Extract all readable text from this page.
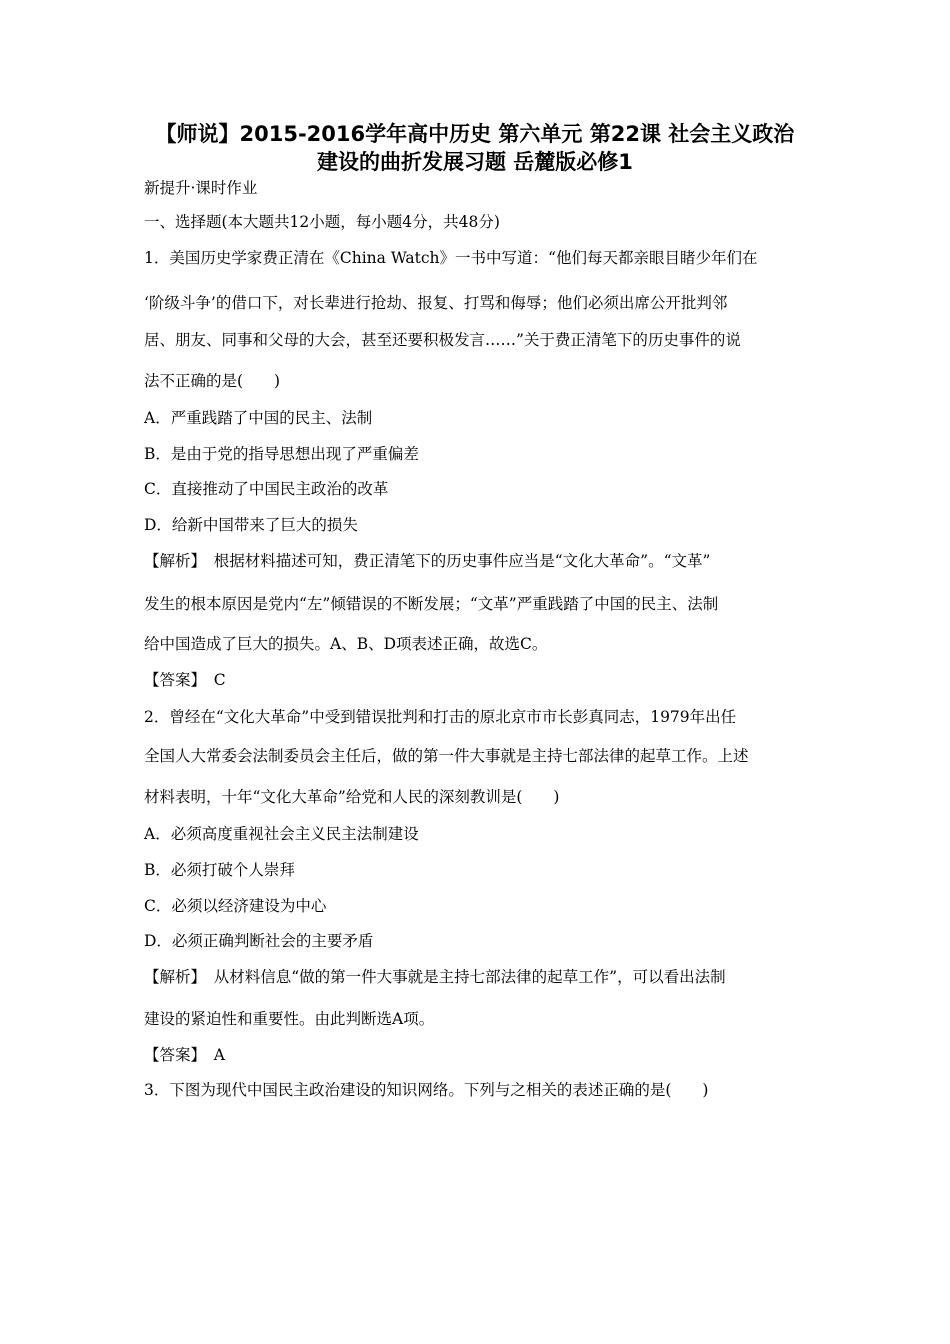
【师说】2015-2016学年高中历史 第六单元 第22课 社会主义政治
建设的曲折发展习题 岳麓版必修1
新提升·课时作业
一、选择题(本大题共12小题，每小题4分，共48分)
1．美国历史学家费正清在《China Watch》一书中写道：“他们每天都亲眼目睹少年们在
‘阶级斗争’的借口下，对长辈进行抢劫、报复、打骂和侮辱；他们必须出席公开批判邻
居、朋友、同事和父母的大会，甚至还要积极发言……”关于费正清笔下的历史事件的说
法不正确的是(　　)
A．严重践踏了中国的民主、法制
B．是由于党的指导思想出现了严重偏差
C．直接推动了中国民主政治的改革
D．给新中国带来了巨大的损失
【解析】　根据材料描述可知，费正清笔下的历史事件应当是“文化大革命”。“文革”
发生的根本原因是党内“左”倾错误的不断发展；“文革”严重践踏了中国的民主、法制
给中国造成了巨大的损失。A、B、D项表述正确，故选C。
【答案】　C
2．曾经在“文化大革命”中受到错误批判和打击的原北京市市长彭真同志，1979年出任
全国人大常委会法制委员会主任后，做的第一件大事就是主持七部法律的起草工作。上述
材料表明，十年“文化大革命”给党和人民的深刻教训是(　　)
A．必须高度重视社会主义民主法制建设
B．必须打破个人崇拜
C．必须以经济建设为中心
D．必须正确判断社会的主要矛盾
【解析】　从材料信息“做的第一件大事就是主持七部法律的起草工作”，可以看出法制
建设的紧迫性和重要性。由此判断选A项。
【答案】　A
3．下图为现代中国民主政治建设的知识网络。下列与之相关的表述正确的是(　　)
